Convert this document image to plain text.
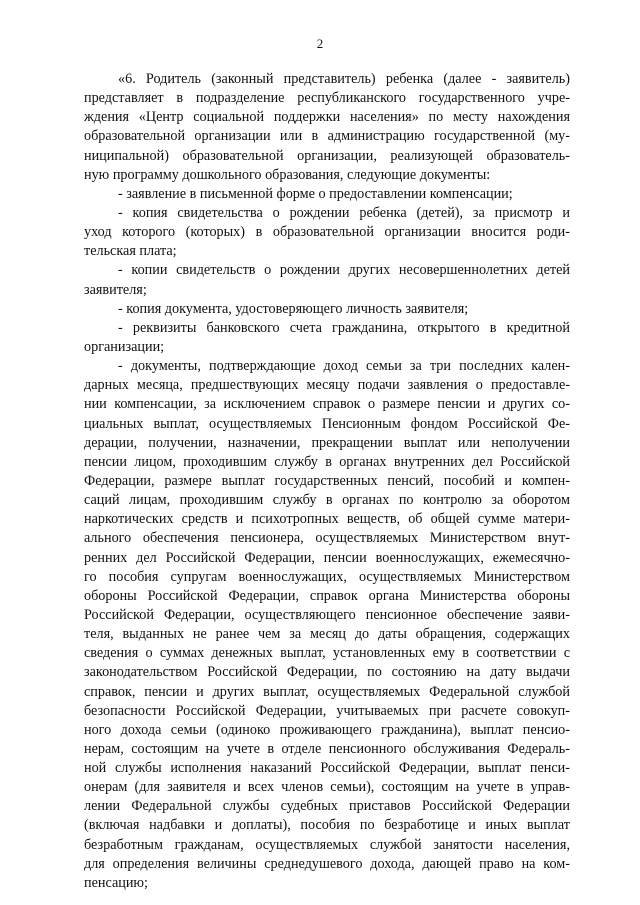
2
«6. Родитель (законный представитель) ребенка (далее - заявитель)
представляет в подразделение республиканского государственного учре-
ждения «Центр социальной поддержки населения» по месту нахождения
образовательной организации или в администрацию государственной (му-
ниципальной) образовательной организации, реализующей образователь-
ную программу дошкольного образования, следующие документы:
- заявление в письменной форме о предоставлении компенсации;
- копия свидетельства о рождении ребенка (детей), за присмотр и
уход которого (которых) в образовательной организации вносится роди-
тельская плата;
- копии свидетельств о рождении других несовершеннолетних детей
заявителя;
- копия документа, удостоверяющего личность заявителя;
- реквизиты банковского счета гражданина, открытого в кредитной
организации;
- документы, подтверждающие доход семьи за три последних кален-
дарных месяца, предшествующих месяцу подачи заявления о предоставле-
нии компенсации, за исключением справок о размере пенсии и других со-
циальных выплат, осуществляемых Пенсионным фондом Российской Фе-
дерации, получении, назначении, прекращении выплат или неполучении
пенсии лицом, проходившим службу в органах внутренних дел Российской
Федерации, размере выплат государственных пенсий, пособий и компен-
саций лицам, проходившим службу в органах по контролю за оборотом
наркотических средств и психотропных веществ, об общей сумме матери-
ального обеспечения пенсионера, осуществляемых Министерством внут-
ренних дел Российской Федерации, пенсии военнослужащих, ежемесячно-
го пособия супругам военнослужащих, осуществляемых Министерством
обороны Российской Федерации, справок органа Министерства обороны
Российской Федерации, осуществляющего пенсионное обеспечение заяви-
теля, выданных не ранее чем за месяц до даты обращения, содержащих
сведения о суммах денежных выплат, установленных ему в соответствии с
законодательством Российской Федерации, по состоянию на дату выдачи
справок, пенсии и других выплат, осуществляемых Федеральной службой
безопасности Российской Федерации, учитываемых при расчете совокуп-
ного дохода семьи (одиноко проживающего гражданина), выплат пенсио-
нерам, состоящим на учете в отделе пенсионного обслуживания Федераль-
ной службы исполнения наказаний Российской Федерации, выплат пенси-
онерам (для заявителя и всех членов семьи), состоящим на учете в управ-
лении Федеральной службы судебных приставов Российской Федерации
(включая надбавки и доплаты), пособия по безработице и иных выплат
безработным гражданам, осуществляемых службой занятости населения,
для определения величины среднедушевого дохода, дающей право на ком-
пенсацию;
